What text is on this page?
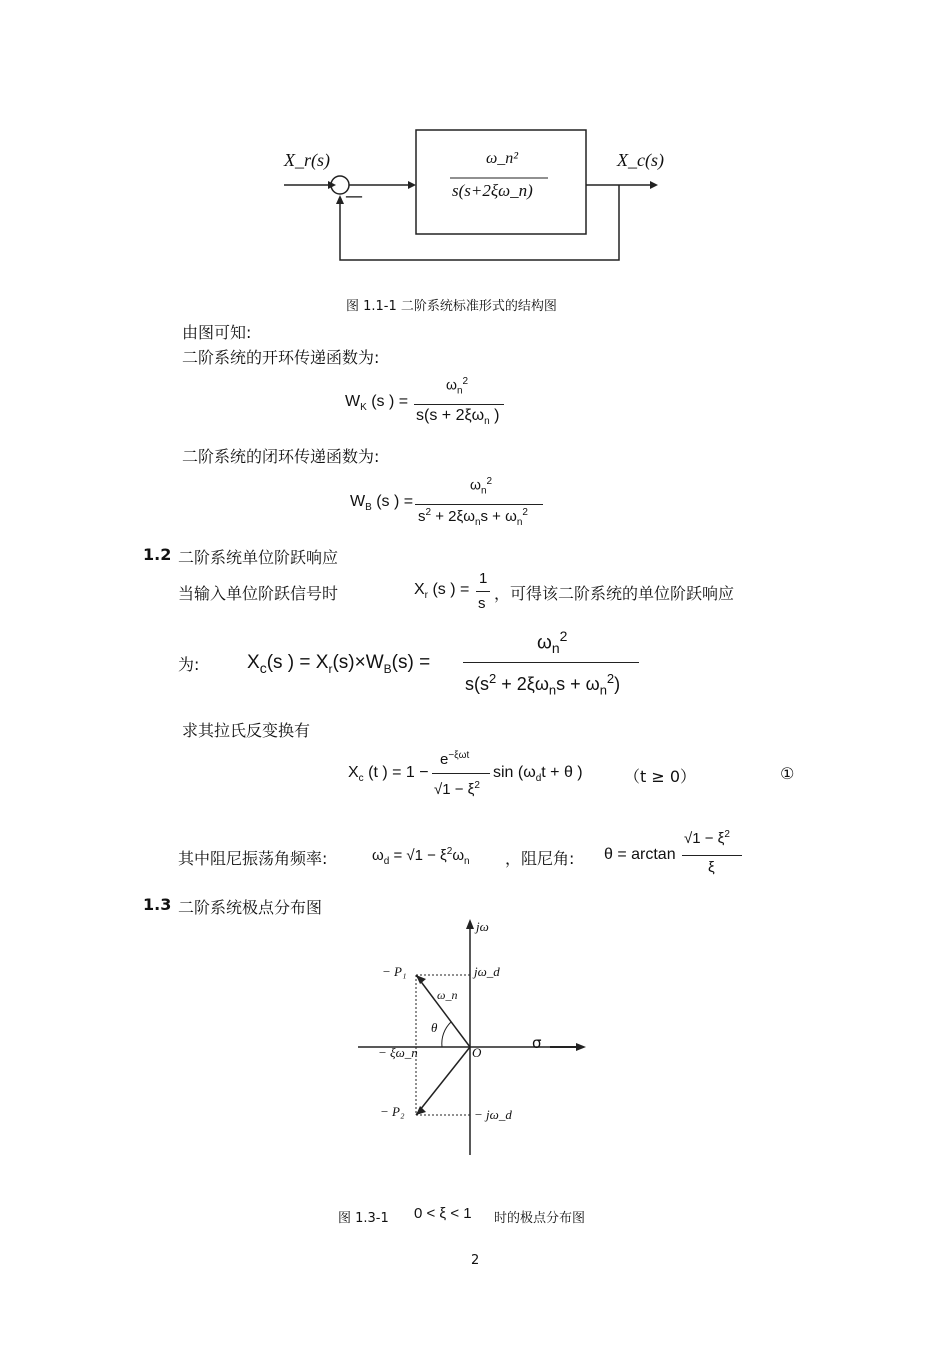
X_r(s)
—
X_c(s)
ω_n²
s(s+2ξω_n)
图 1.1-1 二阶系统标准形式的结构图
由图可知:
二阶系统的开环传递函数为:
$W_K$ (s ) =
$\omega_n^2$
$s(s + 2\xi\omega_n$ )
二阶系统的闭环传递函数为:
$W_B$ (s ) =
$\omega_n^2$
$s^2 + 2\xi\omega_ns + \omega_n^2$
1.2 二阶系统单位阶跃响应
当输入单位阶跃信号时	$X_r$ (s ) =
1
s
，可得该二阶系统的单位阶跃响应
为:	$X_c(s$ ) = $X_r(s)\times W_B(s)$ =
$\omega_n^2$
$s(s^2 + 2\xi\omega_ns + \omega_n^2)$
求其拉氏反变换有
$X_c$ (t ) = 1 −
$e^{-\xi\omega t}$
$√1 - \xi^2$
$\sin (\omega_dt + \theta$ )	（t ≥ 0）	①
其中阻尼振荡角频率:	$\omega_d = √1 - \xi^2\omega_n$ ，阻尼角: θ = arctan
$√1 - \xi^2$
ξ
1.3 二阶系统极点分布图
jω
jω_d
− P₁
ω_n
θ
− ξω_n	O
σ
− P₂	− jω_d
图 1.3-1 0 < ξ < 1 时的极点分布图
2
